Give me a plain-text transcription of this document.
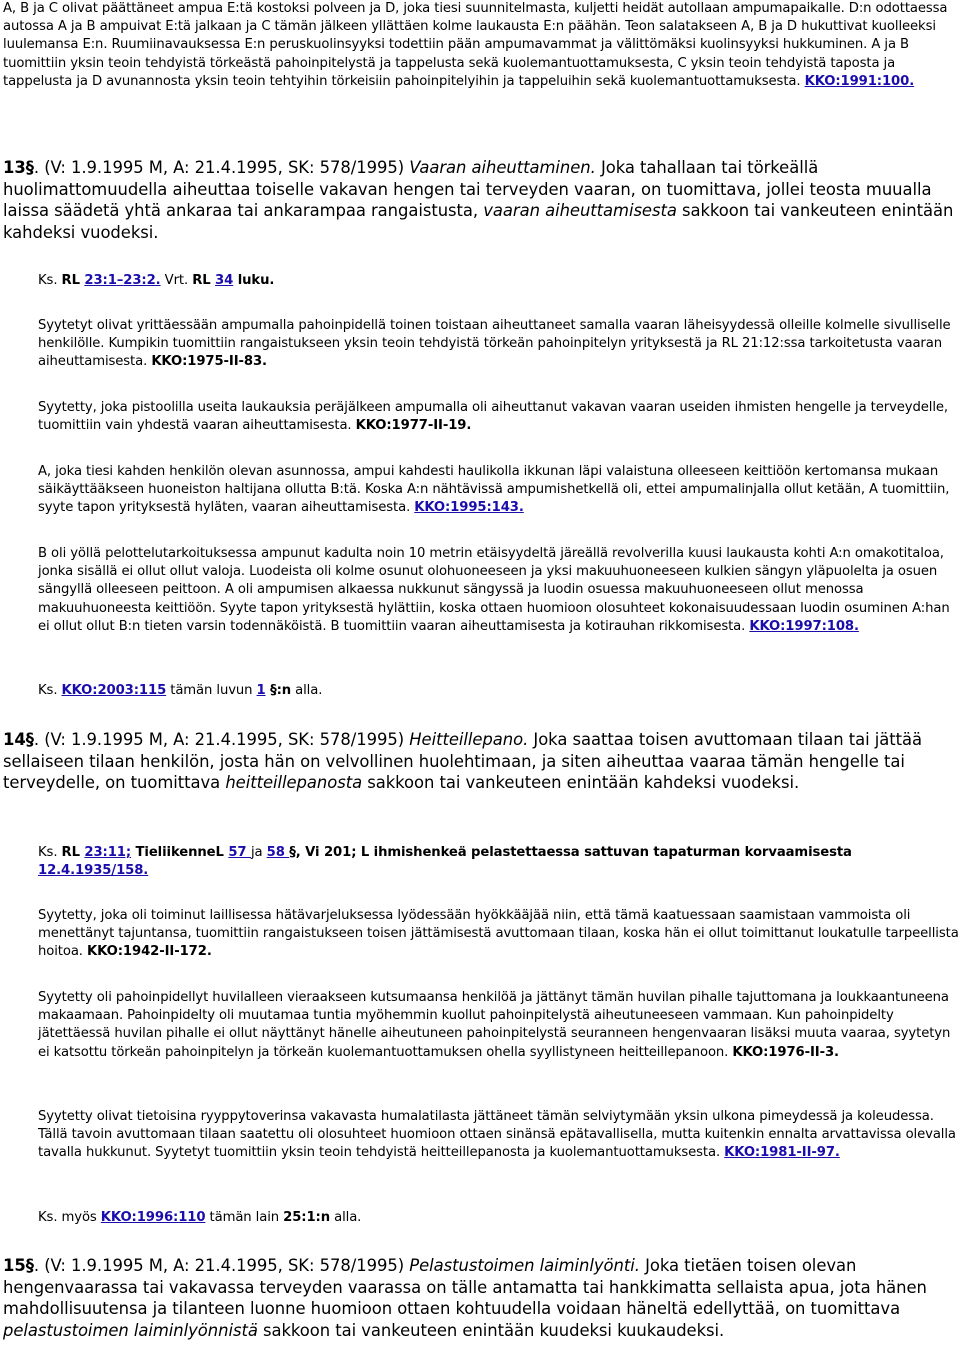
A, B ja C olivat päättäneet ampua E:tä kostoksi polveen ja D, joka tiesi suunnitelmasta, kuljetti heidät autollaan ampumapaikalle. D:n odottaessa autossa A ja B ampuivat E:tä jalkaan ja C tämän jälkeen yllättäen kolme laukausta E:n päähän. Teon salatakseen A, B ja D hukuttivat kuolleeksi luulemansa E:n. Ruumiinavauksessa E:n peruskuolinsyyksi todettiin pään ampumavammat ja välittömäksi kuolinsyyksi hukkuminen. A ja B tuomittiin yksin teoin tehdyistä törkeästä pahoinpitelystä ja tappelusta sekä kuolemantuottamuksesta, C yksin teoin tehdyistä taposta ja tappelusta ja D avunannosta yksin teoin tehtyihin törkeisiin pahoinpitelyihin ja tappeluihin sekä kuolemantuottamuksesta. KKO:1991:100.

13§. (V: 1.9.1995 M, A: 21.4.1995, SK: 578/1995) Vaaran aiheuttaminen. Joka tahallaan tai törkeällä huolimattomuudella aiheuttaa toiselle vakavan hengen tai terveyden vaaran, on tuomittava, jollei teosta muualla laissa säädetä yhtä ankaraa tai ankarampaa rangaistusta, vaaran aiheuttamisesta sakkoon tai vankeuteen enintään kahdeksi vuodeksi.

Ks. RL 23:1–23:2. Vrt. RL 34 luku.

Syytetyt olivat yrittäessään ampumalla pahoinpidellä toinen toistaan aiheuttaneet samalla vaaran läheisyydessä olleille kolmelle sivulliselle henkilölle. Kumpikin tuomittiin rangaistukseen yksin teoin tehdyistä törkeän pahoinpitelyn yrityksestä ja RL 21:12:ssa tarkoitetusta vaaran aiheuttamisesta. KKO:1975-II-83.

Syytetty, joka pistoolilla useita laukauksia peräjälkeen ampumalla oli aiheuttanut vakavan vaaran useiden ihmisten hengelle ja terveydelle, tuomittiin vain yhdestä vaaran aiheuttamisesta. KKO:1977-II-19.

A, joka tiesi kahden henkilön olevan asunnossa, ampui kahdesti haulikolla ikkunan läpi valaistuna olleeseen keittiöön kertomansa mukaan säikäyttääkseen huoneiston haltijana ollutta B:tä. Koska A:n nähtävissä ampumishetkellä oli, ettei ampumalinjalla ollut ketään, A tuomittiin, syyte tapon yrityksestä hyläten, vaaran aiheuttamisesta. KKO:1995:143.

B oli yöllä pelottelutarkoituksessa ampunut kadulta noin 10 metrin etäisyydeltä järeällä revolverilla kuusi laukausta kohti A:n omakotitaloa, jonka sisällä ei ollut ollut valoja. Luodeista oli kolme osunut olohuoneeseen ja yksi makuuhuoneeseen kulkien sängyn yläpuolelta ja osuen sängyllä olleeseen peittoon. A oli ampumisen alkaessa nukkunut sängyssä ja luodin osuessa makuuhuoneeseen ollut menossa makuuhuoneesta keittiöön. Syyte tapon yrityksestä hylättiin, koska ottaen huomioon olosuhteet kokonaisuudessaan luodin osuminen A:han ei ollut ollut B:n tieten varsin todennäköistä. B tuomittiin vaaran aiheuttamisesta ja kotirauhan rikkomisesta. KKO:1997:108.

Ks. KKO:2003:115 tämän luvun 1 §:n alla.

14§. (V: 1.9.1995 M, A: 21.4.1995, SK: 578/1995) Heitteillepano. Joka saattaa toisen avuttomaan tilaan tai jättää sellaiseen tilaan henkilön, josta hän on velvollinen huolehtimaan, ja siten aiheuttaa vaaraa tämän hengelle tai terveydelle, on tuomittava heitteillepanosta sakkoon tai vankeuteen enintään kahdeksi vuodeksi.

Ks. RL 23:11; TieliikenneL 57 ja 58 §, Vi 201; L ihmishenkeä pelastettaessa sattuvan tapaturman korvaamisesta 12.4.1935/158.

Syytetty, joka oli toiminut laillisessa hätävarjeluksessa lyödessään hyökkääjää niin, että tämä kaatuessaan saamistaan vammoista oli menettänyt tajuntansa, tuomittiin rangaistukseen toisen jättämisestä avuttomaan tilaan, koska hän ei ollut toimittanut loukatulle tarpeellista hoitoa. KKO:1942-II-172.

Syytetty oli pahoinpidellyt huvilalleen vieraakseen kutsumaansa henkilöä ja jättänyt tämän huvilan pihalle tajuttomana ja loukkaantuneena makaamaan. Pahoinpidelty oli muutamaa tuntia myöhemmin kuollut pahoinpitelystä aiheutuneeseen vammaan. Kun pahoinpidelty jätettäessä huvilan pihalle ei ollut näyttänyt hänelle aiheutuneen pahoinpitelystä seuranneen hengenvaaran lisäksi muuta vaaraa, syytetyn ei katsottu törkeän pahoinpitelyn ja törkeän kuolemantuottamuksen ohella syyllistyneen heitteillepanoon. KKO:1976-II-3.

Syytetty olivat tietoisina ryyppytoverinsa vakavasta humalatilasta jättäneet tämän selviytymään yksin ulkona pimeydessä ja koleudessa. Tällä tavoin avuttomaan tilaan saatettu oli olosuhteet huomioon ottaen sinänsä epätavallisella, mutta kuitenkin ennalta arvattavissa olevalla tavalla hukkunut. Syytetyt tuomittiin yksin teoin tehdyistä heitteillepanosta ja kuolemantuottamuksesta. KKO:1981-II-97.

Ks. myös KKO:1996:110 tämän lain 25:1:n alla.

15§. (V: 1.9.1995 M, A: 21.4.1995, SK: 578/1995) Pelastustoimen laiminlyönti. Joka tietäen toisen olevan hengenvaarassa tai vakavassa terveyden vaarassa on tälle antamatta tai hankkimatta sellaista apua, jota hänen mahdollisuutensa ja tilanteen luonne huomioon ottaen kohtuudella voidaan häneltä edellyttää, on tuomittava pelastustoimen laiminlyönnistä sakkoon tai vankeuteen enintään kuudeksi kuukaudeksi.
